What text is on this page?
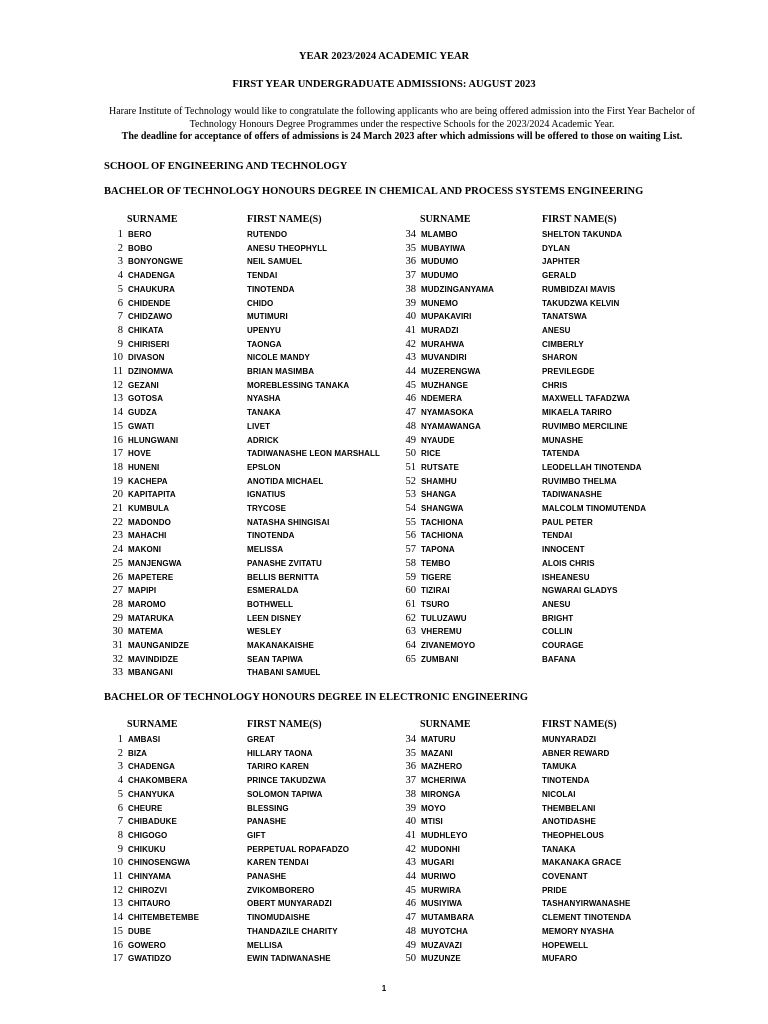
YEAR 2023/2024 ACADEMIC YEAR
FIRST YEAR UNDERGRADUATE ADMISSIONS: AUGUST 2023
Harare Institute of Technology would like to congratulate the following applicants who are being offered admission into the First Year Bachelor of Technology Honours Degree Programmes under the respective Schools for the 2023/2024 Academic Year.
The deadline for acceptance of offers of admissions is 24 March 2023 after which admissions will be offered to those on waiting List.
SCHOOL OF ENGINEERING AND TECHNOLOGY
BACHELOR OF TECHNOLOGY HONOURS DEGREE IN CHEMICAL AND PROCESS SYSTEMS ENGINEERING
SURNAME	FIRST NAME(S)
1 BERO	RUTENDO
2 BOBO	ANESU THEOPHYLL
3 BONYONGWE	NEIL SAMUEL
4 CHADENGA	TENDAI
5 CHAUKURA	TINOTENDA
6 CHIDENDE	CHIDO
7 CHIDZAWO	MUTIMURI
8 CHIKATA	UPENYU
9 CHIRISERI	TAONGA
10 DIVASON	NICOLE MANDY
11 DZINOMWA	BRIAN MASIMBA
12 GEZANI	MOREBLESSING TANAKA
13 GOTOSA	NYASHA
14 GUDZA	TANAKA
15 GWATI	LIVET
16 HLUNGWANI	ADRICK
17 HOVE	TADIWANASHE LEON MARSHALL
18 HUNENI	EPSLON
19 KACHEPA	ANOTIDA MICHAEL
20 KAPITAPITA	IGNATIUS
21 KUMBULA	TRYCOSE
22 MADONDO	NATASHA SHINGISAI
23 MAHACHI	TINOTENDA
24 MAKONI	MELISSA
25 MANJENGWA	PANASHE ZVITATU
26 MAPETERE	BELLIS BERNITTA
27 MAPIPI	ESMERALDA
28 MAROMO	BOTHWELL
29 MATARUKA	LEEN DISNEY
30 MATEMA	WESLEY
31 MAUNGANIDZE	MAKANAKAISHE
32 MAVINDIDZE	SEAN TAPIWA
33 MBANGANI	THABANI SAMUEL
SURNAME	FIRST NAME(S)
34 MLAMBO	SHELTON TAKUNDA
35 MUBAYIWA	DYLAN
36 MUDUMO	JAPHTER
37 MUDUMO	GERALD
38 MUDZINGANYAMA	RUMBIDZAI MAVIS
39 MUNEMO	TAKUDZWA KELVIN
40 MUPAKAVIRI	TANATSWA
41 MURADZI	ANESU
42 MURAHWA	CIMBERLY
43 MUVANDIRI	SHARON
44 MUZERENGWA	PREVILEGDE
45 MUZHANGE	CHRIS
46 NDEMERA	MAXWELL TAFADZWA
47 NYAMASOKA	MIKAELA TARIRO
48 NYAMAWANGA	RUVIMBO MERCILINE
49 NYAUDE	MUNASHE
50 RICE	TATENDA
51 RUTSATE	LEODELLAH TINOTENDA
52 SHAMHU	RUVIMBO THELMA
53 SHANGA	TADIWANASHE
54 SHANGWA	MALCOLM TINOMUTENDA
55 TACHIONA	PAUL PETER
56 TACHIONA	TENDAI
57 TAPONA	INNOCENT
58 TEMBO	ALOIS CHRIS
59 TIGERE	ISHEANESU
60 TIZIRAI	NGWARAI GLADYS
61 TSURO	ANESU
62 TULUZAWU	BRIGHT
63 VHEREMU	COLLIN
64 ZIVANEMOYO	COURAGE
65 ZUMBANI	BAFANA
BACHELOR OF TECHNOLOGY HONOURS DEGREE IN ELECTRONIC ENGINEERING
SURNAME	FIRST NAME(S)
1 AMBASI	GREAT
2 BIZA	HILLARY TAONA
3 CHADENGA	TARIRO KAREN
4 CHAKOMBERA	PRINCE TAKUDZWA
5 CHANYUKA	SOLOMON TAPIWA
6 CHEURE	BLESSING
7 CHIBADUKE	PANASHE
8 CHIGOGO	GIFT
9 CHIKUKU	PERPETUAL ROPAFADZO
10 CHINOSENGWA	KAREN TENDAI
11 CHINYAMA	PANASHE
12 CHIROZVI	ZVIKOMBORERO
13 CHITAURO	OBERT MUNYARADZI
14 CHITEMBETEMBE	TINOMUDAISHE
15 DUBE	THANDAZILE CHARITY
16 GOWERO	MELLISA
17 GWATIDZO	EWIN TADIWANASHE
SURNAME	FIRST NAME(S)
34 MATURU	MUNYARADZI
35 MAZANI	ABNER REWARD
36 MAZHERO	TAMUKA
37 MCHERIWA	TINOTENDA
38 MIRONGA	NICOLAI
39 MOYO	THEMBELANI
40 MTISI	ANOTIDASHE
41 MUDHLEYO	THEOPHELOUS
42 MUDONHI	TANAKA
43 MUGARI	MAKANAKA GRACE
44 MURIWO	COVENANT
45 MURWIRA	PRIDE
46 MUSIYIWA	TASHANYIRWANASHE
47 MUTAMBARA	CLEMENT TINOTENDA
48 MUYOTCHA	MEMORY NYASHA
49 MUZAVAZI	HOPEWELL
50 MUZUNZE	MUFARO
1
